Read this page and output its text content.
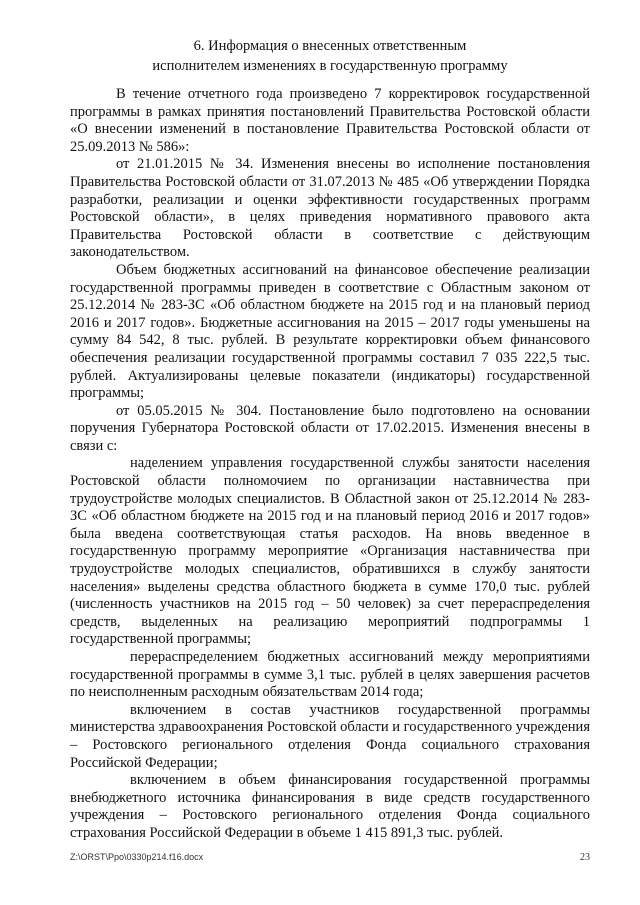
6. Информация о внесенных ответственным
исполнителем изменениях в государственную программу

В течение отчетного года произведено 7 корректировок государственной программы в рамках принятия постановлений Правительства Ростовской области «О внесении изменений в постановление Правительства Ростовской области от 25.09.2013 № 586»:

от 21.01.2015 № 34. Изменения внесены во исполнение постановления Правительства Ростовской области от 31.07.2013 № 485 «Об утверждении Порядка разработки, реализации и оценки эффективности государственных программ Ростовской области», в целях приведения нормативного правового акта Правительства Ростовской области в соответствие с действующим законодательством.

Объем бюджетных ассигнований на финансовое обеспечение реализации государственной программы приведен в соответствие с Областным законом от 25.12.2014 № 283-ЗС «Об областном бюджете на 2015 год и на плановый период 2016 и 2017 годов». Бюджетные ассигнования на 2015 – 2017 годы уменьшены на сумму 84 542, 8 тыс. рублей. В результате корректировки объем финансового обеспечения реализации государственной программы составил 7 035 222,5 тыс. рублей. Актуализированы целевые показатели (индикаторы) государственной программы;

от 05.05.2015 № 304. Постановление было подготовлено на основании поручения Губернатора Ростовской области от 17.02.2015. Изменения внесены в связи с:

наделением управления государственной службы занятости населения Ростовской области полномочием по организации наставничества при трудоустройстве молодых специалистов. В Областной закон от 25.12.2014 № 283-ЗС «Об областном бюджете на 2015 год и на плановый период 2016 и 2017 годов» была введена соответствующая статья расходов. На вновь введенное в государственную программу мероприятие «Организация наставничества при трудоустройстве молодых специалистов, обратившихся в службу занятости населения» выделены средства областного бюджета в сумме 170,0 тыс. рублей (численность участников на 2015 год – 50 человек) за счет перераспределения средств, выделенных на реализацию мероприятий подпрограммы 1 государственной программы;

перераспределением бюджетных ассигнований между мероприятиями государственной программы в сумме 3,1 тыс. рублей в целях завершения расчетов по неисполненным расходным обязательствам 2014 года;

включением в состав участников государственной программы министерства здравоохранения Ростовской области и государственного учреждения – Ростовского регионального отделения Фонда социального страхования Российской Федерации;

включением в объем финансирования государственной программы внебюджетного источника финансирования в виде средств государственного учреждения – Ростовского регионального отделения Фонда социального страхования Российской Федерации в объеме 1 415 891,3 тыс. рублей.

Z:\ORST\Ppo\0330p214.f16.docx	23
